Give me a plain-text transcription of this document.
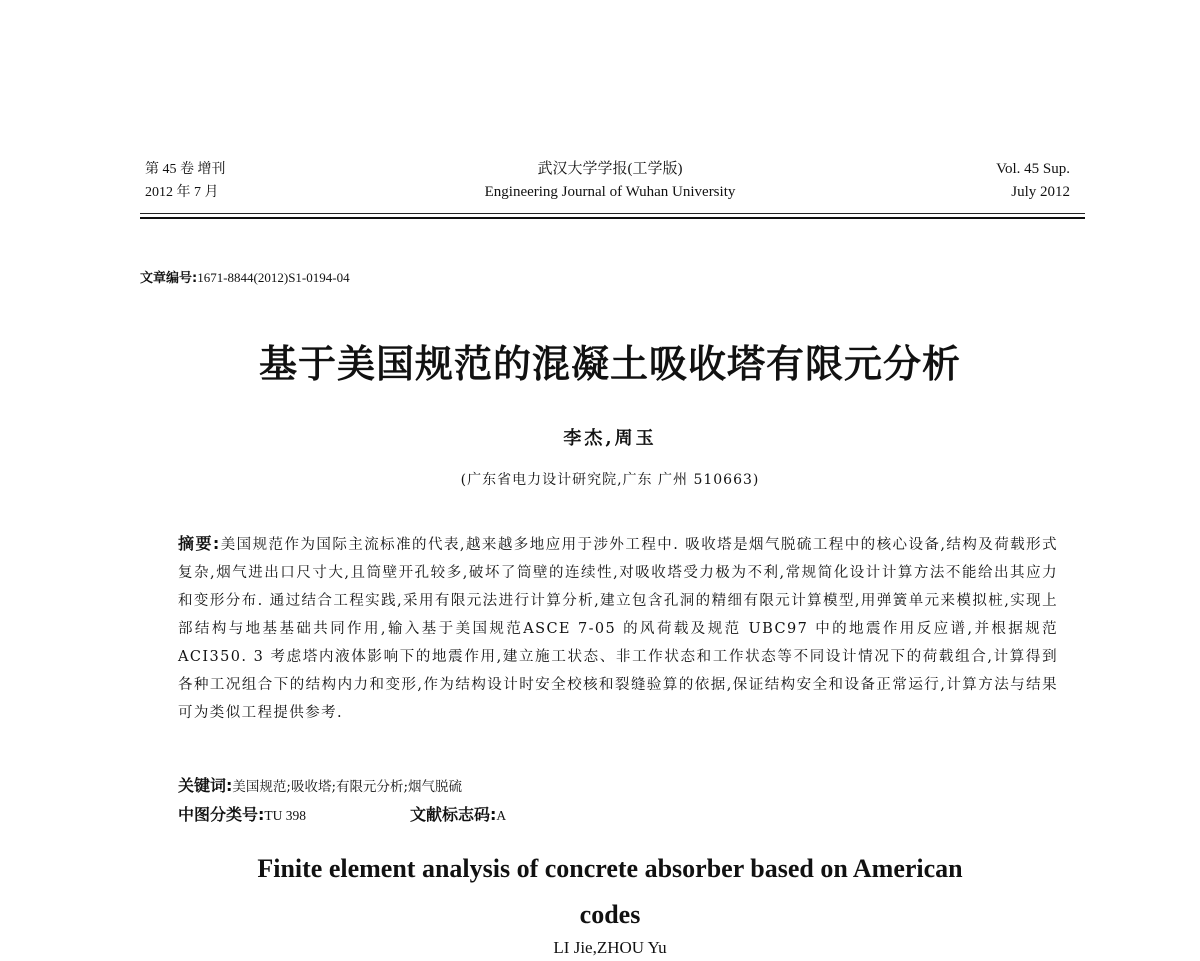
第 45 卷 增刊
2012 年 7 月
武汉大学学报(工学版)
Engineering Journal of Wuhan University
Vol. 45 Sup.
July 2012
文章编号:1671-8844(2012)S1-0194-04
基于美国规范的混凝土吸收塔有限元分析
李杰,周玉
(广东省电力设计研究院,广东 广州 510663)
摘要:美国规范作为国际主流标准的代表,越来越多地应用于涉外工程中. 吸收塔是烟气脱硫工程中的核心设备,结构及荷载形式复杂,烟气进出口尺寸大,且筒壁开孔较多,破坏了筒壁的连续性,对吸收塔受力极为不利,常规简化设计计算方法不能给出其应力和变形分布. 通过结合工程实践,采用有限元法进行计算分析,建立包含孔洞的精细有限元计算模型,用弹簧单元来模拟桩,实现上部结构与地基基础共同作用,输入基于美国规范ASCE 7-05 的风荷载及规范 UBC97 中的地震作用反应谱,并根据规范 ACI350. 3 考虑塔内液体影响下的地震作用,建立施工状态、非工作状态和工作状态等不同设计情况下的荷载组合,计算得到各种工况组合下的结构内力和变形,作为结构设计时安全校核和裂缝验算的依据,保证结构安全和设备正常运行,计算方法与结果可为类似工程提供参考.
关键词:美国规范;吸收塔;有限元分析;烟气脱硫
中图分类号:TU 398	文献标志码:A
Finite element analysis of concrete absorber based on American codes
LI Jie,ZHOU Yu
